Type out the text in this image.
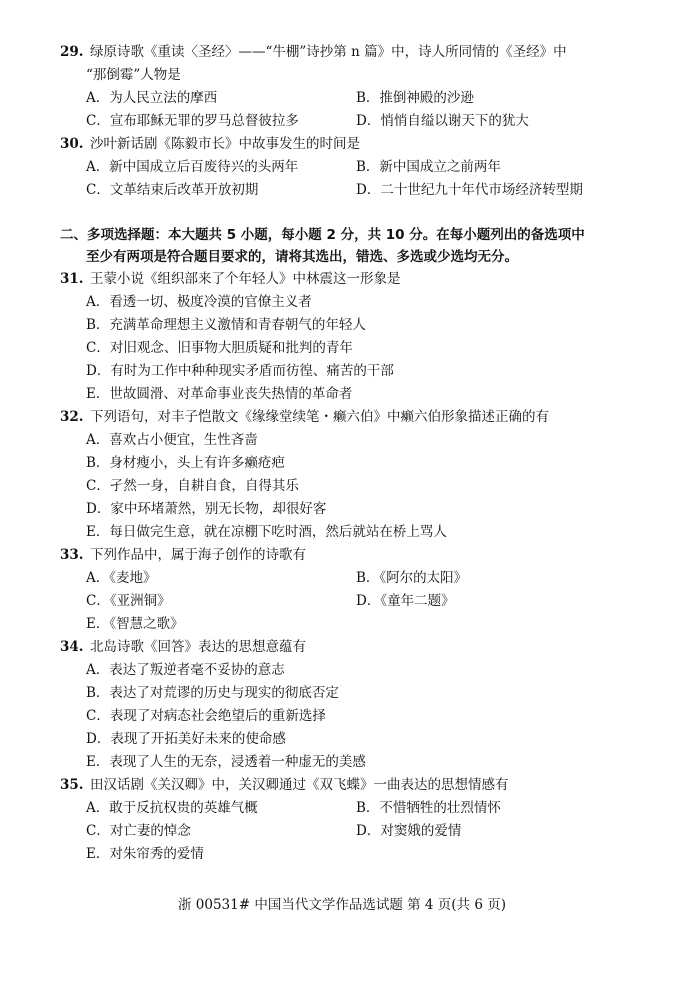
29. 绿原诗歌《重读〈圣经〉——“牛棚”诗抄第 n 篇》中，诗人所同情的《圣经》中
“那倒霉”人物是
A．为人民立法的摩西	B．推倒神殿的沙逊
C．宣布耶稣无罪的罗马总督彼拉多	D．悄悄自缢以谢天下的犹大
30. 沙叶新话剧《陈毅市长》中故事发生的时间是
A．新中国成立后百废待兴的头两年	B．新中国成立之前两年
C．文革结束后改革开放初期	D．二十世纪九十年代市场经济转型期
二、多项选择题：本大题共 5 小题，每小题 2 分，共 10 分。在每小题列出的备选项中
至少有两项是符合题目要求的，请将其选出，错选、多选或少选均无分。
31. 王蒙小说《组织部来了个年轻人》中林震这一形象是
A．看透一切、极度冷漠的官僚主义者
B．充满革命理想主义激情和青春朝气的年轻人
C．对旧观念、旧事物大胆质疑和批判的青年
D．有时为工作中种种现实矛盾而彷徨、痛苦的干部
E．世故圆滑、对革命事业丧失热情的革命者
32. 下列语句，对丰子恺散文《缘缘堂续笔・癞六伯》中癞六伯形象描述正确的有
A．喜欢占小便宜，生性吝啬
B．身材瘦小，头上有许多癞疮疤
C．孑然一身，自耕自食，自得其乐
D．家中环堵萧然，别无长物，却很好客
E．每日做完生意，就在凉棚下吃时酒，然后就站在桥上骂人
33. 下列作品中，属于海子创作的诗歌有
A．《麦地》	B．《阿尔的太阳》
C．《亚洲铜》	D．《童年二题》
E．《智慧之歌》
34. 北岛诗歌《回答》表达的思想意蕴有
A．表达了叛逆者毫不妥协的意志
B．表达了对荒谬的历史与现实的彻底否定
C．表现了对病态社会绝望后的重新选择
D．表现了开拓美好未来的使命感
E．表现了人生的无奈，浸透着一种虚无的美感
35. 田汉话剧《关汉卿》中，关汉卿通过《双飞蝶》一曲表达的思想情感有
A．敢于反抗权贵的英雄气概	B．不惜牺牲的壮烈情怀
C．对亡妻的悼念	D．对窦娥的爱情
E．对朱帘秀的爱情
浙 00531# 中国当代文学作品选试题 第 4 页(共 6 页)
